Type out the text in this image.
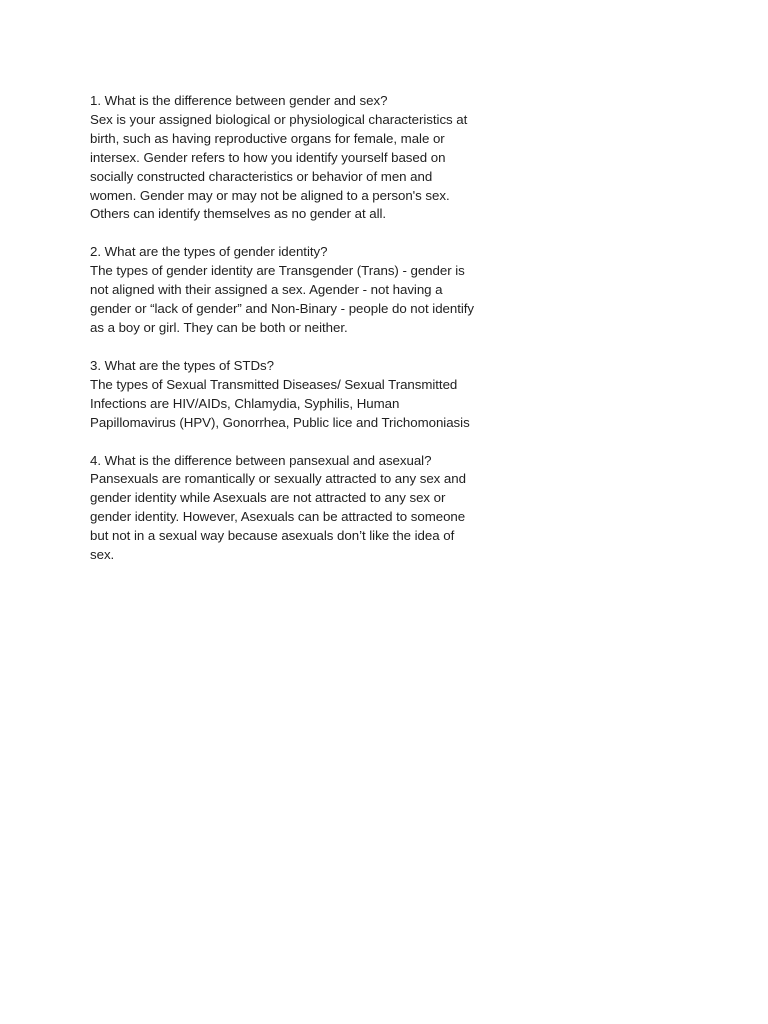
1. What is the difference between gender and sex?
Sex is your assigned biological or physiological characteristics at
birth, such as having reproductive organs for female, male or
intersex. Gender refers to how you identify yourself based on
socially constructed characteristics or behavior of men and
women. Gender may or may not be aligned to a person's sex.
Others can identify themselves as no gender at all.
2. What are the types of gender identity?
The types of gender identity are Transgender (Trans) - gender is
not aligned with their assigned a sex. Agender - not having a
gender or “lack of gender” and Non-Binary - people do not identify
as a boy or girl. They can be both or neither.
3. What are the types of STDs?
The types of Sexual Transmitted Diseases/ Sexual Transmitted
Infections are HIV/AIDs, Chlamydia, Syphilis, Human
Papillomavirus (HPV), Gonorrhea, Public lice and Trichomoniasis
4. What is the difference between pansexual and asexual?
Pansexuals are romantically or sexually attracted to any sex and
gender identity while Asexuals are not attracted to any sex or
gender identity. However, Asexuals can be attracted to someone
but not in a sexual way because asexuals don’t like the idea of
sex.
